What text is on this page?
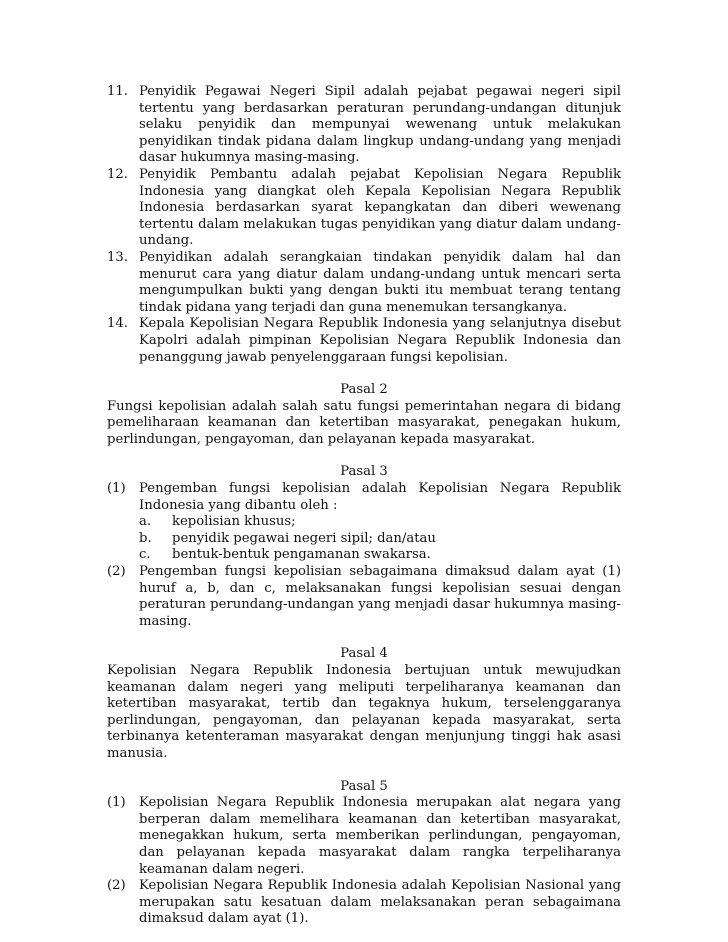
11. Penyidik Pegawai Negeri Sipil adalah pejabat pegawai negeri sipil tertentu yang berdasarkan peraturan perundang-undangan ditunjuk selaku penyidik dan mempunyai wewenang untuk melakukan penyidikan tindak pidana dalam lingkup undang-undang yang menjadi dasar hukumnya masing-masing.
12. Penyidik Pembantu adalah pejabat Kepolisian Negara Republik Indonesia yang diangkat oleh Kepala Kepolisian Negara Republik Indonesia berdasarkan syarat kepangkatan dan diberi wewenang tertentu dalam melakukan tugas penyidikan yang diatur dalam undang-undang.
13. Penyidikan adalah serangkaian tindakan penyidik dalam hal dan menurut cara yang diatur dalam undang-undang untuk mencari serta mengumpulkan bukti yang dengan bukti itu membuat terang tentang tindak pidana yang terjadi dan guna menemukan tersangkanya.
14. Kepala Kepolisian Negara Republik Indonesia yang selanjutnya disebut Kapolri adalah pimpinan Kepolisian Negara Republik Indonesia dan penanggung jawab penyelenggaraan fungsi kepolisian.
Pasal 2
Fungsi kepolisian adalah salah satu fungsi pemerintahan negara di bidang pemeliharaan keamanan dan ketertiban masyarakat, penegakan hukum, perlindungan, pengayoman, dan pelayanan kepada masyarakat.
Pasal 3
(1)	Pengemban fungsi kepolisian adalah Kepolisian Negara Republik Indonesia yang dibantu oleh :
a.	kepolisian khusus;
b.	penyidik pegawai negeri sipil; dan/atau
c.	bentuk-bentuk pengamanan swakarsa.
(2)	Pengemban fungsi kepolisian sebagaimana dimaksud dalam ayat (1) huruf a, b, dan c, melaksanakan fungsi kepolisian sesuai dengan peraturan perundang-undangan yang menjadi dasar hukumnya masing-masing.
Pasal 4
Kepolisian Negara Republik Indonesia bertujuan untuk mewujudkan keamanan dalam negeri yang meliputi terpeliharanya keamanan dan ketertiban masyarakat, tertib dan tegaknya hukum, terselenggaranya perlindungan, pengayoman, dan pelayanan kepada masyarakat, serta terbinanya ketenteraman masyarakat dengan menjunjung tinggi hak asasi manusia.
Pasal 5
(1)	Kepolisian Negara Republik Indonesia merupakan alat negara yang berperan dalam memelihara keamanan dan ketertiban masyarakat, menegakkan hukum, serta memberikan perlindungan, pengayoman, dan pelayanan kepada masyarakat dalam rangka terpeliharanya keamanan dalam negeri.
(2)	Kepolisian Negara Republik Indonesia adalah Kepolisian Nasional yang merupakan satu kesatuan dalam melaksanakan peran sebagaimana dimaksud dalam ayat (1).
